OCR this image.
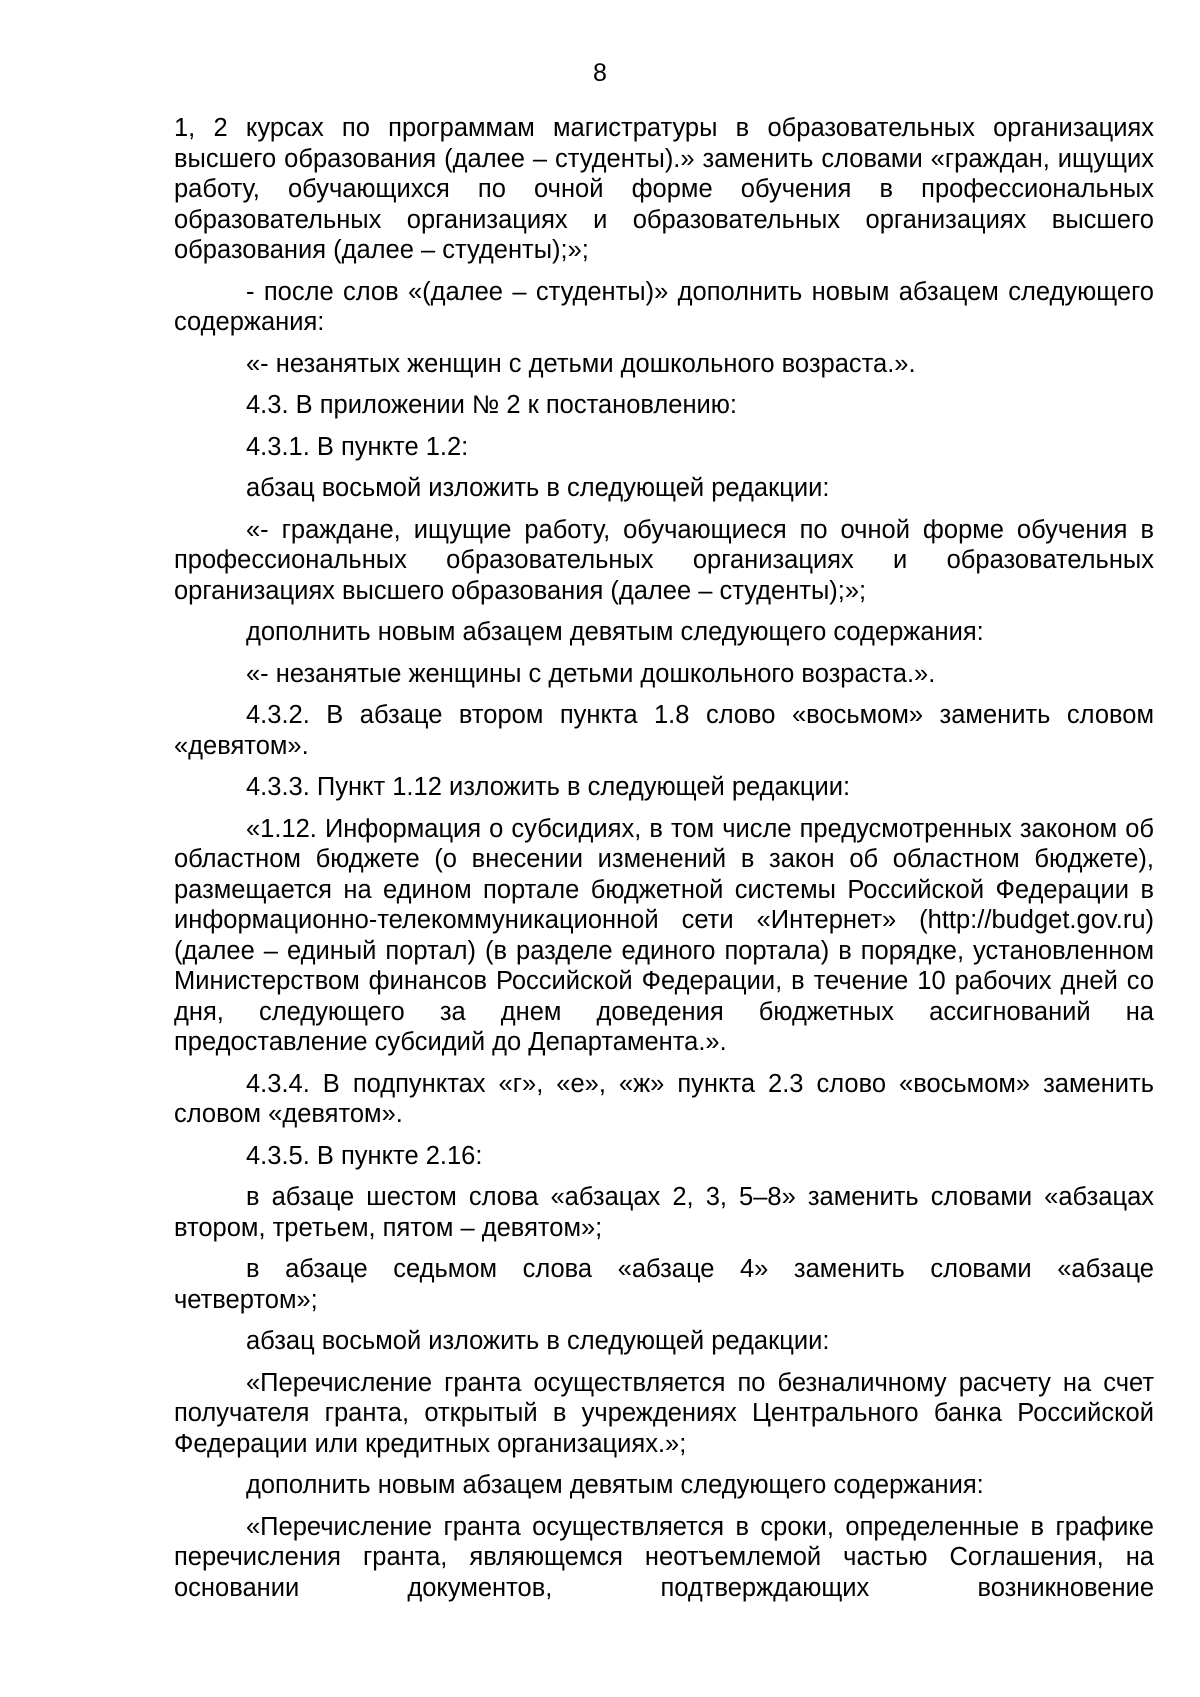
8

1, 2 курсах по программам магистратуры в образовательных организациях высшего образования (далее – студенты).» заменить словами «граждан, ищущих работу, обучающихся по очной форме обучения в профессиональных образовательных организациях и образовательных организациях высшего образования (далее – студенты);»;

- после слов «(далее – студенты)» дополнить новым абзацем следующего содержания:

«- незанятых женщин с детьми дошкольного возраста.».

4.3. В приложении № 2 к постановлению:

4.3.1. В пункте 1.2:

абзац восьмой изложить в следующей редакции:

«- граждане, ищущие работу, обучающиеся по очной форме обучения в профессиональных образовательных организациях и образовательных организациях высшего образования (далее – студенты);»;

дополнить новым абзацем девятым следующего содержания:

«- незанятые женщины с детьми дошкольного возраста.».

4.3.2. В абзаце втором пункта 1.8 слово «восьмом» заменить словом «девятом».

4.3.3. Пункт 1.12 изложить в следующей редакции:

«1.12. Информация о субсидиях, в том числе предусмотренных законом об областном бюджете (о внесении изменений в закон об областном бюджете), размещается на едином портале бюджетной системы Российской Федерации в информационно-телекоммуникационной сети «Интернет» (http://budget.gov.ru) (далее – единый портал) (в разделе единого портала) в порядке, установленном Министерством финансов Российской Федерации, в течение 10 рабочих дней со дня, следующего за днем доведения бюджетных ассигнований на предоставление субсидий до Департамента.».

4.3.4. В подпунктах «г», «е», «ж» пункта 2.3 слово «восьмом» заменить словом «девятом».

4.3.5. В пункте 2.16:

в абзаце шестом слова «абзацах 2, 3, 5–8» заменить словами «абзацах втором, третьем, пятом – девятом»;

в абзаце седьмом слова «абзаце 4» заменить словами «абзаце четвертом»;

абзац восьмой изложить в следующей редакции:

«Перечисление гранта осуществляется по безналичному расчету на счет получателя гранта, открытый в учреждениях Центрального банка Российской Федерации или кредитных организациях.»;

дополнить новым абзацем девятым следующего содержания:

«Перечисление гранта осуществляется в сроки, определенные в графике перечисления гранта, являющемся неотъемлемой частью Соглашения, на основании документов, подтверждающих возникновение
